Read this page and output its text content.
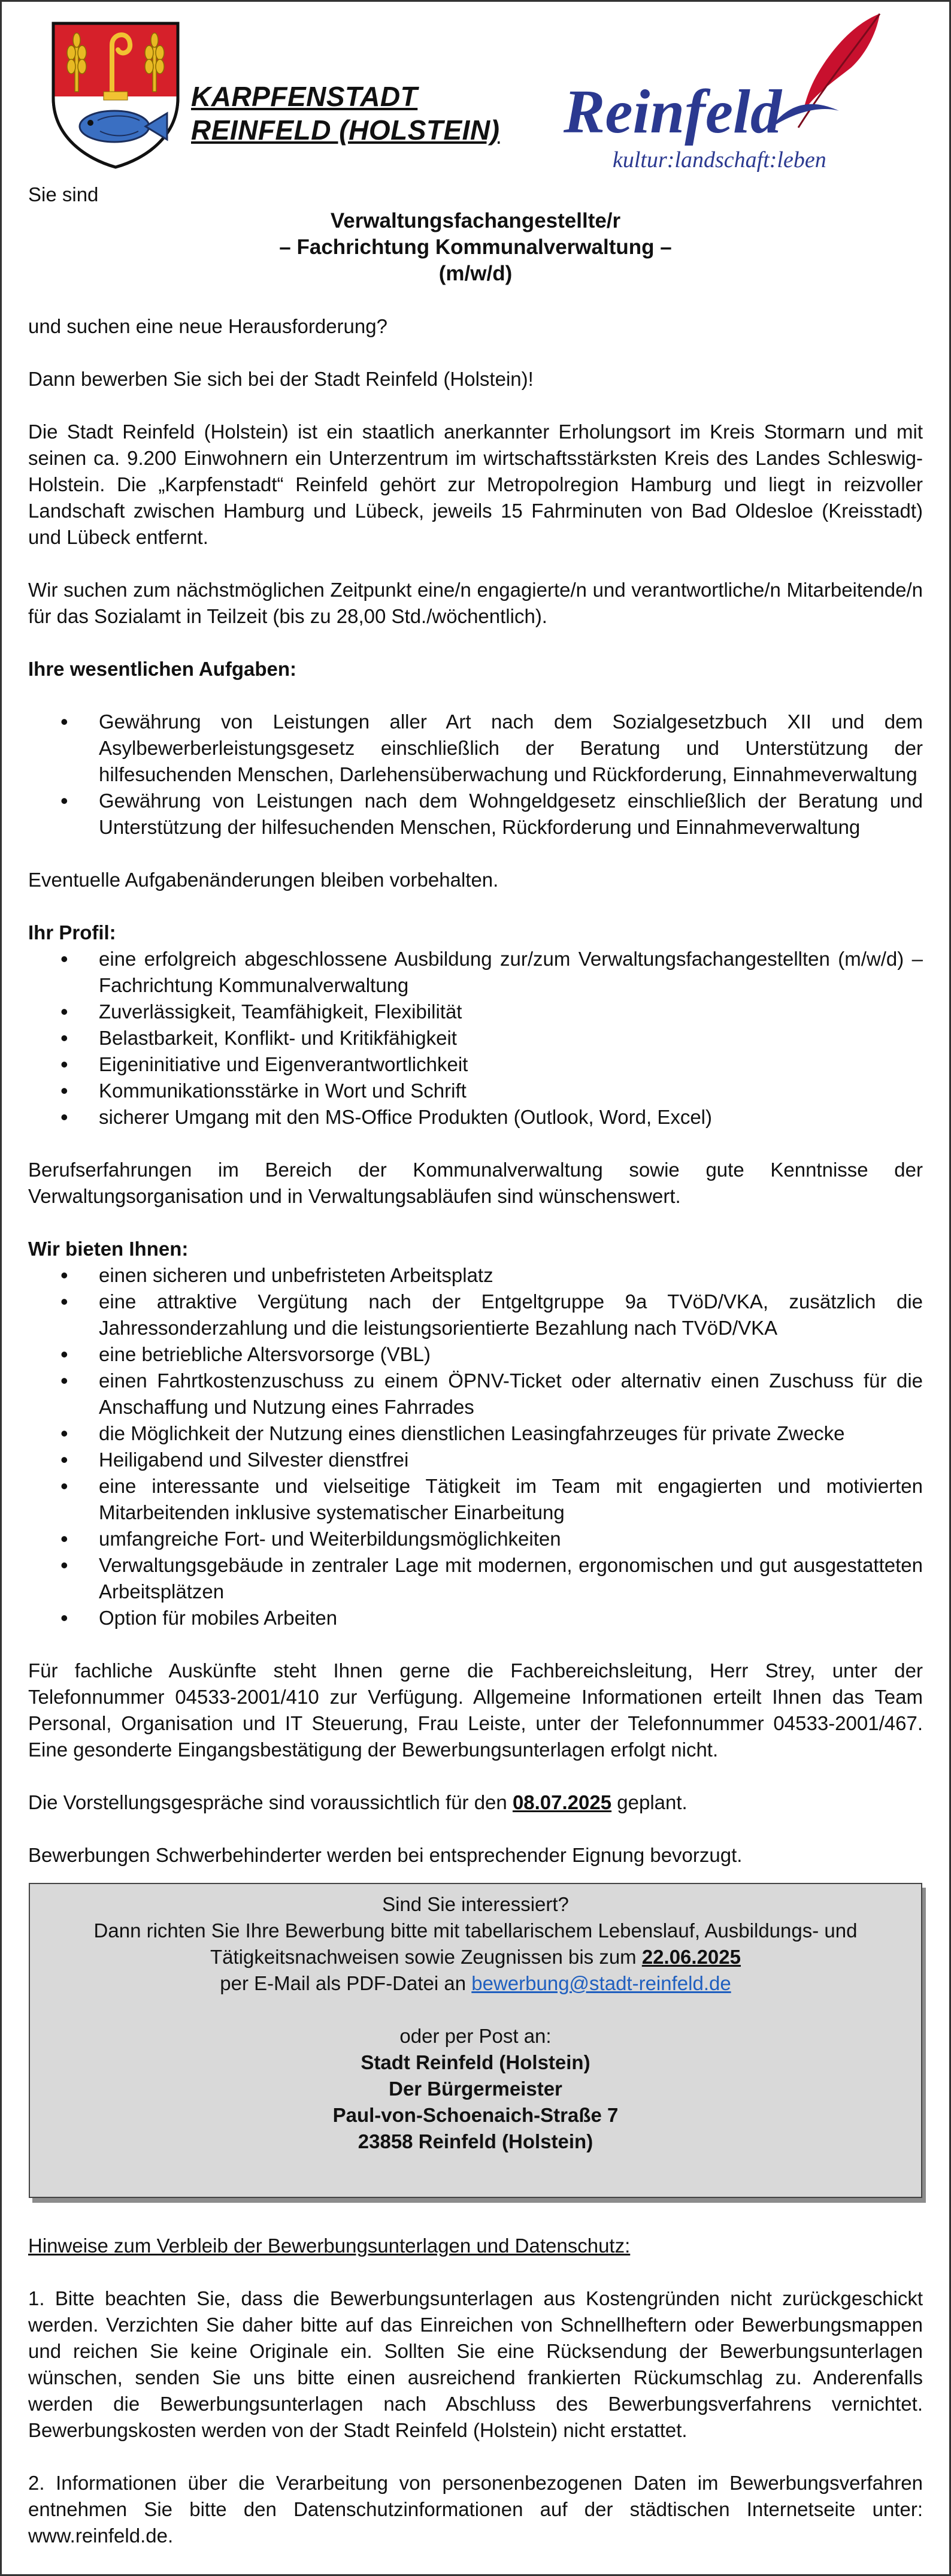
KARPFENSTADT
REINFELD (HOLSTEIN) Reinfeld
kultur:landschaft:leben

Sie sind

Verwaltungsfachangestellte/r
– Fachrichtung Kommunalverwaltung –
(m/w/d)

und suchen eine neue Herausforderung?

Dann bewerben Sie sich bei der Stadt Reinfeld (Holstein)!

Die Stadt Reinfeld (Holstein) ist ein staatlich anerkannter Erholungsort im Kreis Stormarn und mit seinen ca. 9.200 Einwohnern ein Unterzentrum im wirtschaftsstärksten Kreis des Landes Schleswig-Holstein. Die „Karpfenstadt“ Reinfeld gehört zur Metropolregion Hamburg und liegt in reizvoller Landschaft zwischen Hamburg und Lübeck, jeweils 15 Fahrminuten von Bad Oldesloe (Kreisstadt) und Lübeck entfernt.

Wir suchen zum nächstmöglichen Zeitpunkt eine/n engagierte/n und verantwortliche/n Mitarbeitende/n für das Sozialamt in Teilzeit (bis zu 28,00 Std./wöchentlich).

Ihre wesentlichen Aufgaben:
• Gewährung von Leistungen aller Art nach dem Sozialgesetzbuch XII und dem Asylbewerberleistungsgesetz einschließlich der Beratung und Unterstützung der hilfesuchenden Menschen, Darlehensüberwachung und Rückforderung, Einnahmeverwaltung
• Gewährung von Leistungen nach dem Wohngeldgesetz einschließlich der Beratung und Unterstützung der hilfesuchenden Menschen, Rückforderung und Einnahmeverwaltung

Eventuelle Aufgabenänderungen bleiben vorbehalten.

Ihr Profil:
• eine erfolgreich abgeschlossene Ausbildung zur/zum Verwaltungsfachangestellten (m/w/d) – Fachrichtung Kommunalverwaltung
• Zuverlässigkeit, Teamfähigkeit, Flexibilität
• Belastbarkeit, Konflikt- und Kritikfähigkeit
• Eigeninitiative und Eigenverantwortlichkeit
• Kommunikationsstärke in Wort und Schrift
• sicherer Umgang mit den MS-Office Produkten (Outlook, Word, Excel)

Berufserfahrungen im Bereich der Kommunalverwaltung sowie gute Kenntnisse der Verwaltungsorganisation und in Verwaltungsabläufen sind wünschenswert.

Wir bieten Ihnen:
• einen sicheren und unbefristeten Arbeitsplatz
• eine attraktive Vergütung nach der Entgeltgruppe 9a TVöD/VKA, zusätzlich die Jahressonderzahlung und die leistungsorientierte Bezahlung nach TVöD/VKA
• eine betriebliche Altersvorsorge (VBL)
• einen Fahrtkostenzuschuss zu einem ÖPNV-Ticket oder alternativ einen Zuschuss für die Anschaffung und Nutzung eines Fahrrades
• die Möglichkeit der Nutzung eines dienstlichen Leasingfahrzeuges für private Zwecke
• Heiligabend und Silvester dienstfrei
• eine interessante und vielseitige Tätigkeit im Team mit engagierten und motivierten Mitarbeitenden inklusive systematischer Einarbeitung
• umfangreiche Fort- und Weiterbildungsmöglichkeiten
• Verwaltungsgebäude in zentraler Lage mit modernen, ergonomischen und gut ausgestatteten Arbeitsplätzen
• Option für mobiles Arbeiten

Für fachliche Auskünfte steht Ihnen gerne die Fachbereichsleitung, Herr Strey, unter der Telefonnummer 04533-2001/410 zur Verfügung. Allgemeine Informationen erteilt Ihnen das Team Personal, Organisation und IT Steuerung, Frau Leiste, unter der Telefonnummer 04533-2001/467. Eine gesonderte Eingangsbestätigung der Bewerbungsunterlagen erfolgt nicht.

Die Vorstellungsgespräche sind voraussichtlich für den 08.07.2025 geplant.

Bewerbungen Schwerbehinderter werden bei entsprechender Eignung bevorzugt.

Sind Sie interessiert?

Dann richten Sie Ihre Bewerbung bitte mit tabellarischem Lebenslauf, Ausbildungs- und

Tätigkeitsnachweisen sowie Zeugnissen bis zum 22.06.2025

per E-Mail als PDF-Datei an bewerbung@stadt-reinfeld.de

oder per Post an:

Stadt Reinfeld (Holstein)

Der Bürgermeister

Paul-von-Schoenaich-Straße 7

23858 Reinfeld (Holstein)

Hinweise zum Verbleib der Bewerbungsunterlagen und Datenschutz:

1. Bitte beachten Sie, dass die Bewerbungsunterlagen aus Kostengründen nicht zurückgeschickt werden. Verzichten Sie daher bitte auf das Einreichen von Schnellheftern oder Bewerbungsmappen und reichen Sie keine Originale ein. Sollten Sie eine Rücksendung der Bewerbungsunterlagen wünschen, senden Sie uns bitte einen ausreichend frankierten Rückumschlag zu. Anderenfalls werden die Bewerbungsunterlagen nach Abschluss des Bewerbungsverfahrens vernichtet. Bewerbungskosten werden von der Stadt Reinfeld (Holstein) nicht erstattet.

2. Informationen über die Verarbeitung von personenbezogenen Daten im Bewerbungsverfahren entnehmen Sie bitte den Datenschutzinformationen auf der städtischen Internetseite unter: www.reinfeld.de.
